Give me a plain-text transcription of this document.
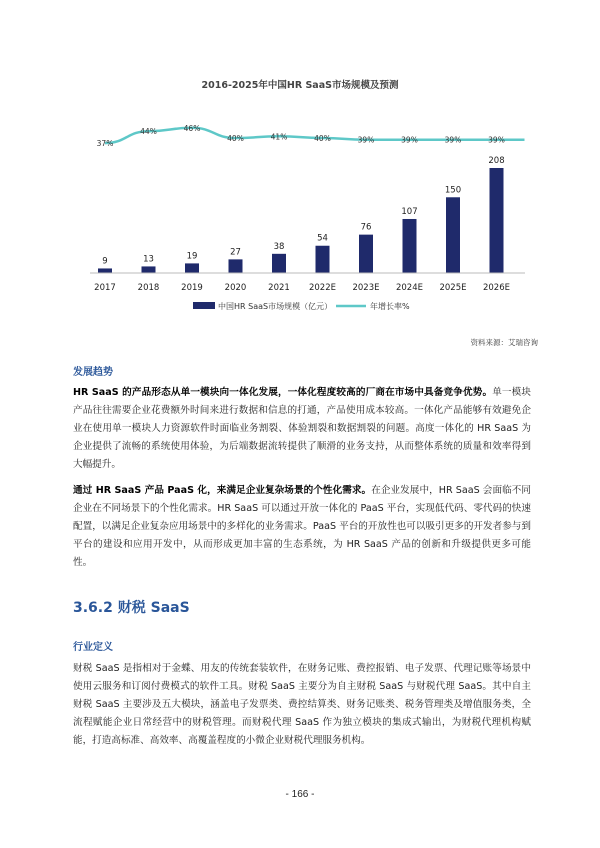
2016-2025年中国HR SaaS市场规模及预测
9	13	19	27
38
54
76
107
150
208
2017	2018	2019	2020	2021 2022E 2023E 2024E 2025E 2026E
37%
44%	46%
40%	41%	40%	39%	39%	39%	39%
中国HR SaaS市场规模（亿元）	年增长率%
资料来源：艾瑞咨询
发展趋势
HR SaaS 的产品形态从单一模块向一体化发展，一体化程度较高的厂商在市场中具备竞争优势。单一模块产品往往需要企业花费额外时间来进行数据和信息的打通，产品使用成本较高。一体化产品能够有效避免企业在使用单一模块人力资源软件时面临业务割裂、体验割裂和数据割裂的问题。高度一体化的 HR SaaS 为企业提供了流畅的系统使用体验，为后端数据流转提供了顺滑的业务支持，从而整体系统的质量和效率得到大幅提升。
通过 HR SaaS 产品 PaaS 化，来满足企业复杂场景的个性化需求。在企业发展中，HR SaaS 会面临不同企业在不同场景下的个性化需求。HR SaaS 可以通过开放一体化的 PaaS 平台，实现低代码、零代码的快速配置，以满足企业复杂应用场景中的多样化的业务需求。PaaS 平台的开放性也可以吸引更多的开发者参与到平台的建设和应用开发中，从而形成更加丰富的生态系统，为 HR SaaS 产品的创新和升级提供更多可能性。
3.6.2 财税 SaaS
行业定义
财税 SaaS 是指相对于金蝶、用友的传统套装软件，在财务记账、费控报销、电子发票、代理记账等场景中使用云服务和订阅付费模式的软件工具。财税 SaaS 主要分为自主财税 SaaS 与财税代理 SaaS。其中自主财税 SaaS 主要涉及五大模块，涵盖电子发票类、费控结算类、财务记账类、税务管理类及增值服务类，全流程赋能企业日常经营中的财税管理。而财税代理 SaaS 作为独立模块的集成式输出，为财税代理机构赋能，打造高标准、高效率、高覆盖程度的小微企业财税代理服务机构。
- 166 -
